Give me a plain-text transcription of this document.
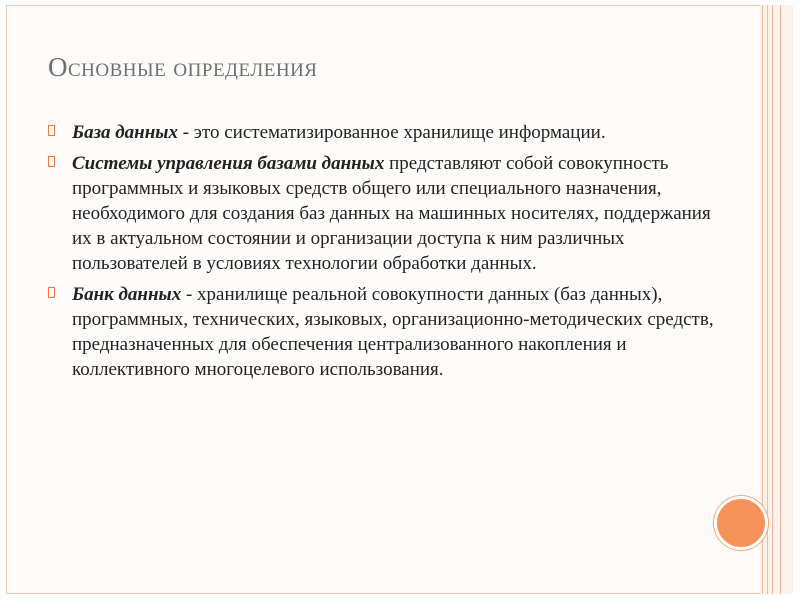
Основные определения
База данных - это систематизированное хранилище информации.
Системы управления базами данных представляют собой совокупность программных и языковых средств общего или специального назначения, необходимого для создания баз данных на машинных носителях, поддержания их в актуальном состоянии и организации доступа к ним различных пользователей в условиях технологии обработки данных.
Банк данных - хранилище реальной совокупности данных (баз данных), программных, технических, языковых, организационно-методических средств, предназначенных для обеспечения централизованного накопления и коллективного многоцелевого использования.
